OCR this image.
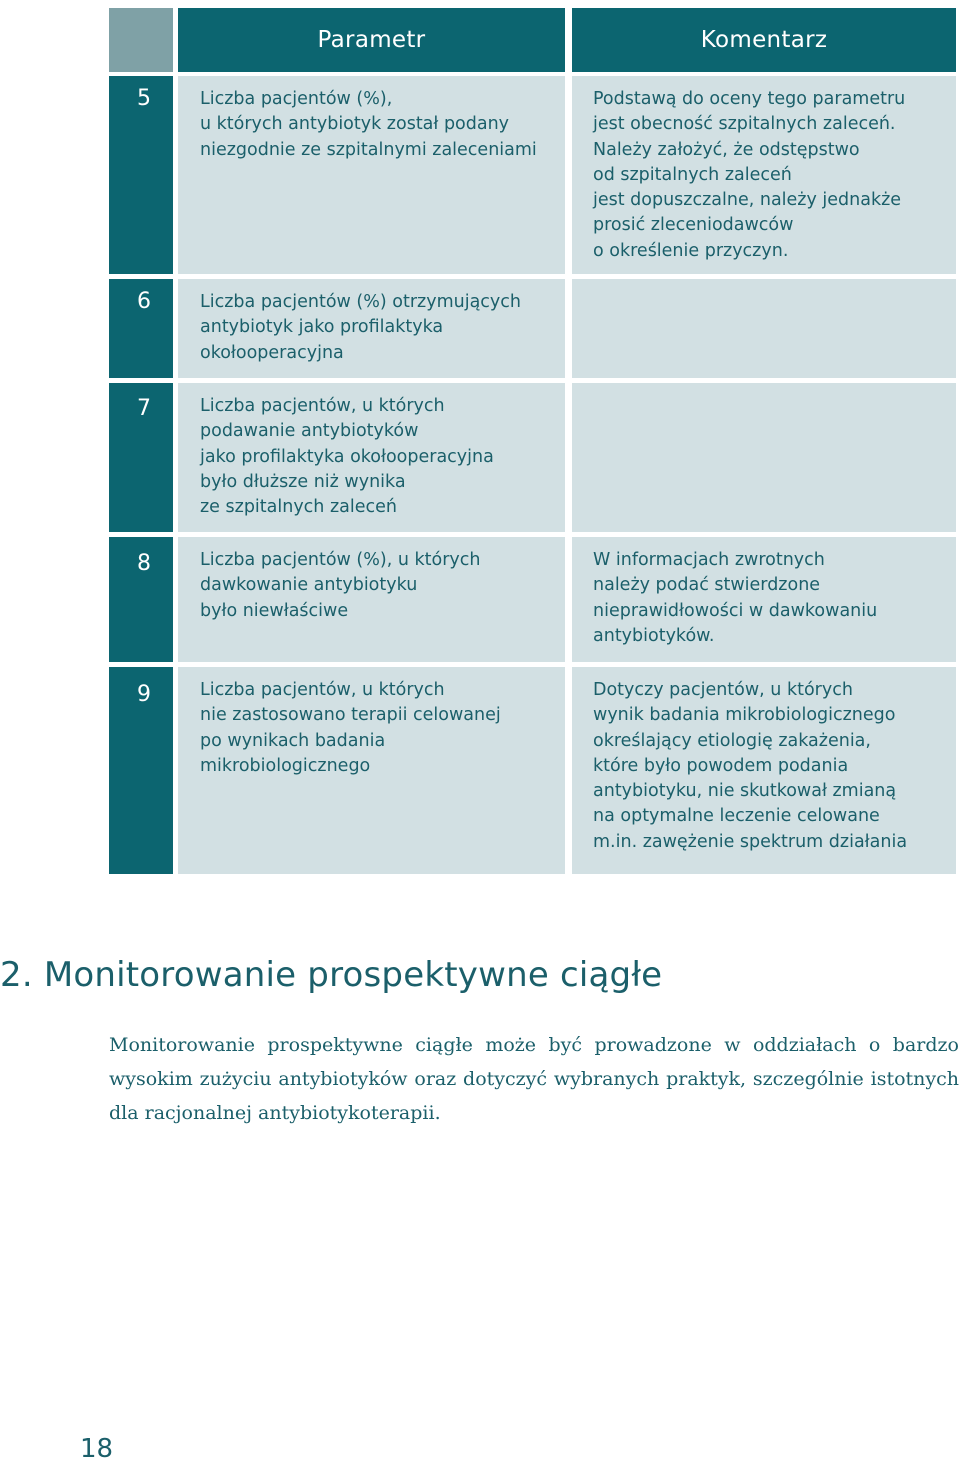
Parametr	Komentarz
5
6
7
8
9
Liczba pacjentów (%),
u których antybiotyk został podany
niezgodnie ze szpitalnymi zaleceniami
Podstawą do oceny tego parametru
jest obecność szpitalnych zaleceń.
Należy założyć, że odstępstwo
od szpitalnych zaleceń
jest dopuszczalne, należy jednakże
prosić zleceniodawców
o określenie przyczyn.
Liczba pacjentów (%) otrzymujących
antybiotyk jako profilaktyka
okołooperacyjna
Liczba pacjentów, u których
podawanie antybiotyków
jako profilaktyka okołooperacyjna
było dłuższe niż wynika
ze szpitalnych zaleceń
Liczba pacjentów (%), u których
dawkowanie antybiotyku
było niewłaściwe
W informacjach zwrotnych
należy podać stwierdzone
nieprawidłowości w dawkowaniu
antybiotyków.
Liczba pacjentów, u których
nie zastosowano terapii celowanej
po wynikach badania
mikrobiologicznego
Dotyczy pacjentów, u których
wynik badania mikrobiologicznego
określający etiologię zakażenia,
które było powodem podania
antybiotyku, nie skutkował zmianą
na optymalne leczenie celowane
m.in. zawężenie spektrum działania
2. Monitorowanie prospektywne ciągłe
Monitorowanie prospektywne ciągłe może być prowadzone w oddziałach o bardzo wysokim zużyciu antybiotyków oraz dotyczyć wybranych praktyk, szczególnie istotnych dla racjonalnej antybiotykoterapii.
18
